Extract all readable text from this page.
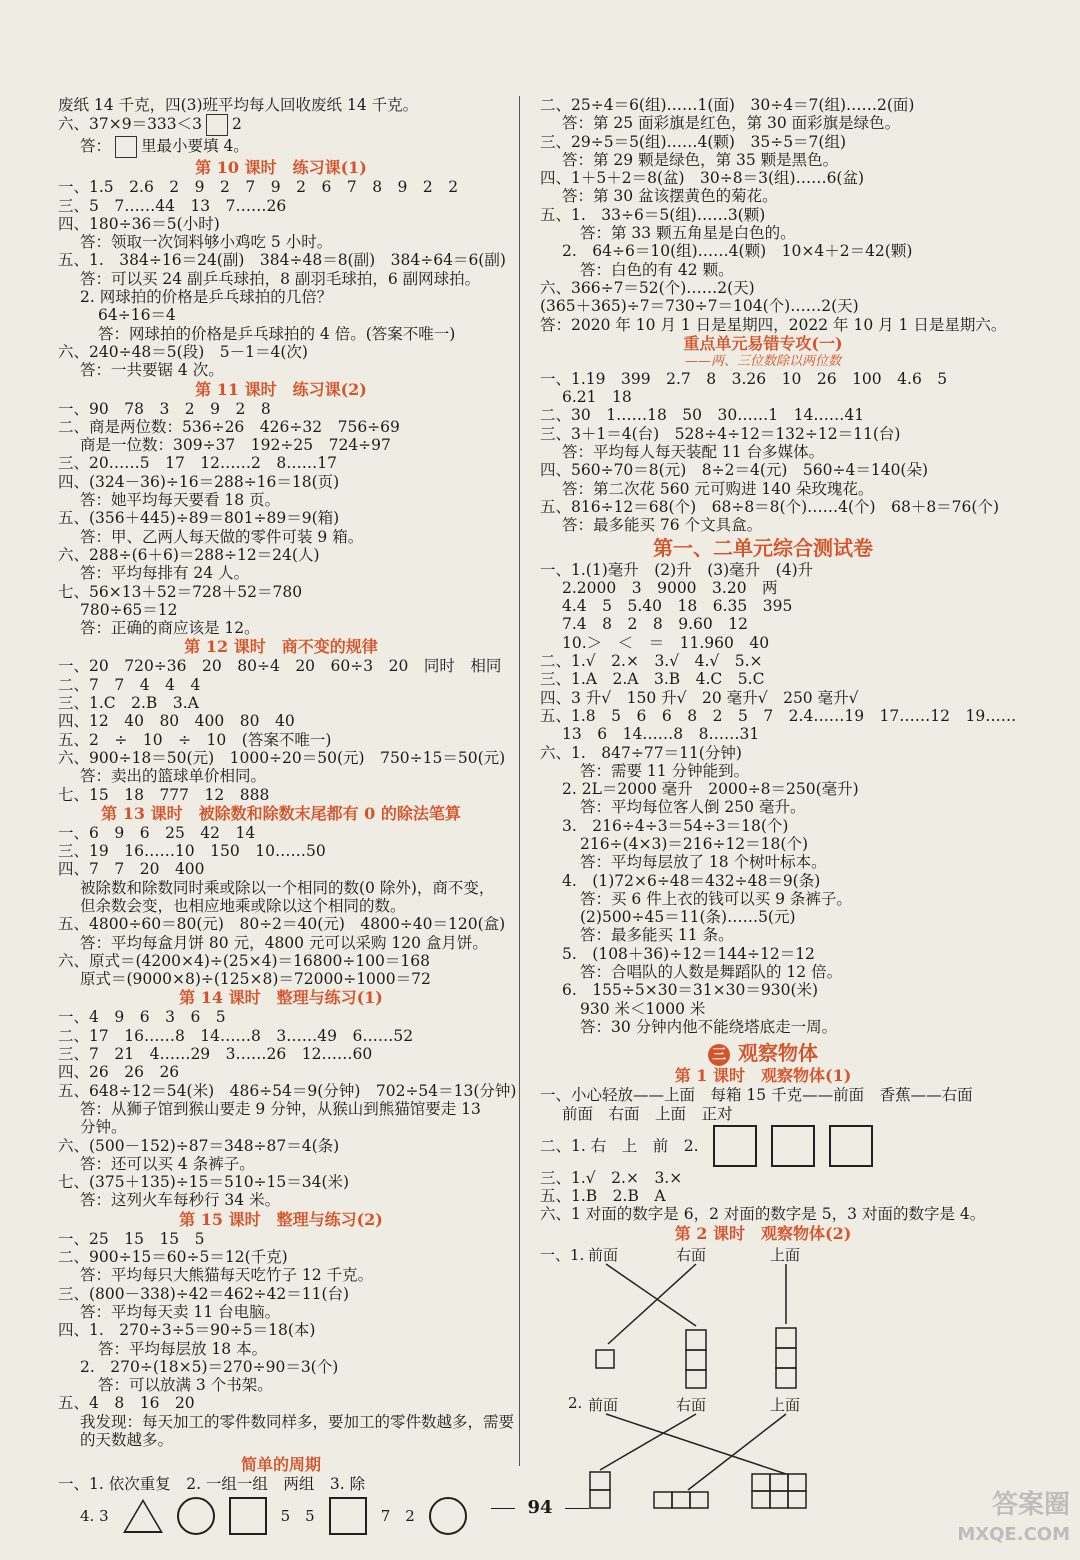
废纸 14 千克，四(3)班平均每人回收废纸 14 千克。
六、37×9＝333＜3 2
答： 里最小要填 4。
第 10 课时　练习课(1)
一、1.5　2.6　2　9　2　7　9　2　6　7　8　9　2　2
三、5　7……44　13　7……26
四、180÷36＝5(小时)
答：领取一次饲料够小鸡吃 5 小时。
五、1.　384÷16＝24(副)　384÷48＝8(副)　384÷64＝6(副)
答：可以买 24 副乒乓球拍，8 副羽毛球拍，6 副网球拍。
2. 网球拍的价格是乒乓球拍的几倍？
64÷16＝4
答：网球拍的价格是乒乓球拍的 4 倍。(答案不唯一)
六、240÷48＝5(段)　5－1＝4(次)
答：一共要锯 4 次。
第 11 课时　练习课(2)
一、90　78　3　2　9　2　8
二、商是两位数：536÷26　426÷32　756÷69
商是一位数：309÷37　192÷25　724÷97
三、20……5　17　12……2　8……17
四、(324－36)÷16＝288÷16＝18(页)
答：她平均每天要看 18 页。
五、(356＋445)÷89＝801÷89＝9(箱)
答：甲、乙两人每天做的零件可装 9 箱。
六、288÷(6＋6)＝288÷12＝24(人)
答：平均每排有 24 人。
七、56×13＋52＝728＋52＝780
780÷65＝12
答：正确的商应该是 12。
第 12 课时　商不变的规律
一、20　720÷36　20　80÷4　20　60÷3　20　同时　相同
二、7　7　4　4　4
三、1.C　2.B　3.A
四、12　40　80　400　80　40
五、2　÷　10　÷　10　(答案不唯一)
六、900÷18＝50(元)　1000÷20＝50(元)　750÷15＝50(元)
答：卖出的篮球单价相同。
七、15　18　777　12　888
第 13 课时　被除数和除数末尾都有 0 的除法笔算
一、6　9　6　25　42　14
三、19　16……10　150　10……50
四、7　7　20　400
被除数和除数同时乘或除以一个相同的数(0 除外)，商不变，
但余数会变，也相应地乘或除以这个相同的数。
五、4800÷60＝80(元)　80÷2＝40(元)　4800÷40＝120(盒)
答：平均每盒月饼 80 元，4800 元可以采购 120 盒月饼。
六、原式＝(4200×4)÷(25×4)＝16800÷100＝168
原式＝(9000×8)÷(125×8)＝72000÷1000＝72
第 14 课时　整理与练习(1)
一、4　9　6　3　6　5
二、17　16……8　14……8　3……49　6……52
三、7　21　4……29　3……26　12……60
四、26　26　26
五、648÷12＝54(米)　486÷54＝9(分钟)　702÷54＝13(分钟)
答：从狮子馆到猴山要走 9 分钟，从猴山到熊猫馆要走 13
分钟。
六、(500－152)÷87＝348÷87＝4(条)
答：还可以买 4 条裤子。
七、(375＋135)÷15＝510÷15＝34(米)
答：这列火车每秒行 34 米。
第 15 课时　整理与练习(2)
一、25　15　15　5
二、900÷15＝60÷5＝12(千克)
答：平均每只大熊猫每天吃竹子 12 千克。
三、(800－338)÷42＝462÷42＝11(台)
答：平均每天卖 11 台电脑。
四、1.　270÷3÷5＝90÷5＝18(本)
答：平均每层放 18 本。
2.　270÷(18×5)＝270÷90＝3(个)
答：可以放满 3 个书架。
五、4　8　16　20
我发现：每天加工的零件数同样多，要加工的零件数越多，需要
的天数越多。
简单的周期
一、1. 依次重复　2. 一组一组　两组　3. 除
4. 3	5　5	7　2
二、25÷4＝6(组)……1(面)　30÷4＝7(组)……2(面)
答：第 25 面彩旗是红色，第 30 面彩旗是绿色。
三、29÷5＝5(组)……4(颗)　35÷5＝7(组)
答：第 29 颗是绿色，第 35 颗是黑色。
四、1＋5＋2＝8(盆)　30÷8＝3(组)……6(盆)
答：第 30 盆该摆黄色的菊花。
五、1.　33÷6＝5(组)……3(颗)
答：第 33 颗五角星是白色的。
2.　64÷6＝10(组)……4(颗)　10×4＋2＝42(颗)
答：白色的有 42 颗。
六、366÷7＝52(个)……2(天)
(365＋365)÷7＝730÷7＝104(个)……2(天)
答：2020 年 10 月 1 日是星期四，2022 年 10 月 1 日是星期六。
重点单元易错专攻(一)
——两、三位数除以两位数
一、1.19　399　2.7　8　3.26　10　26　100　4.6　5
6.21　18
二、30　1……18　50　30……1　14……41
三、3＋1＝4(台)　528÷4÷12＝132÷12＝11(台)
答：平均每人每天装配 11 台多媒体。
四、560÷70＝8(元)　8÷2＝4(元)　560÷4＝140(朵)
答：第二次花 560 元可购进 140 朵玫瑰花。
五、816÷12＝68(个)　68÷8＝8(个)……4(个)　68＋8＝76(个)
答：最多能买 76 个文具盒。
第一、二单元综合测试卷
一、1.(1)毫升　(2)升　(3)毫升　(4)升
2.2000　3　9000　3.20　两
4.4　5　5.40　18　6.35　395
7.4　8　2　8　9.60　12
10.＞　＜　＝　11.960　40
二、1.√　2.×　3.√　4.√　5.×
三、1.A　2.A　3.B　4.C　5.C
四、3 升√　150 升√　20 毫升√　250 毫升√
五、1.8　5　6　6　8　2　5　7　2.4……19　17……12　19……
13　6　14……8　8……31
六、1.　847÷77＝11(分钟)
答：需要 11 分钟能到。
2. 2L＝2000 毫升　2000÷8＝250(毫升)
答：平均每位客人倒 250 毫升。
3.　216÷4÷3＝54÷3＝18(个)
216÷(4×3)＝216÷12＝18(个)
答：平均每层放了 18 个树叶标本。
4.　(1)72×6÷48＝432÷48＝9(条)
答：买 6 件上衣的钱可以买 9 条裤子。
(2)500÷45＝11(条)……5(元)
答：最多能买 11 条。
5.　(108＋36)÷12＝144÷12＝12
答：合唱队的人数是舞蹈队的 12 倍。
6.　155÷5×30＝31×30＝930(米)
930 米＜1000 米
答：30 分钟内他不能绕塔底走一周。
三 观察物体
第 1 课时　观察物体(1)
一、小心轻放——上面　每箱 15 千克——前面　香蕉——右面
前面　右面　上面　正对
二、1. 右　上　前　2.
三、1.√　2.×　3.×
五、1.B　2.B　A
六、1 对面的数字是 6，2 对面的数字是 5，3 对面的数字是 4。
第 2 课时　观察物体(2)
一、1. 前面	右面	上面
2. 前面	右面	上面
94	答案圈
MXQE.COM
